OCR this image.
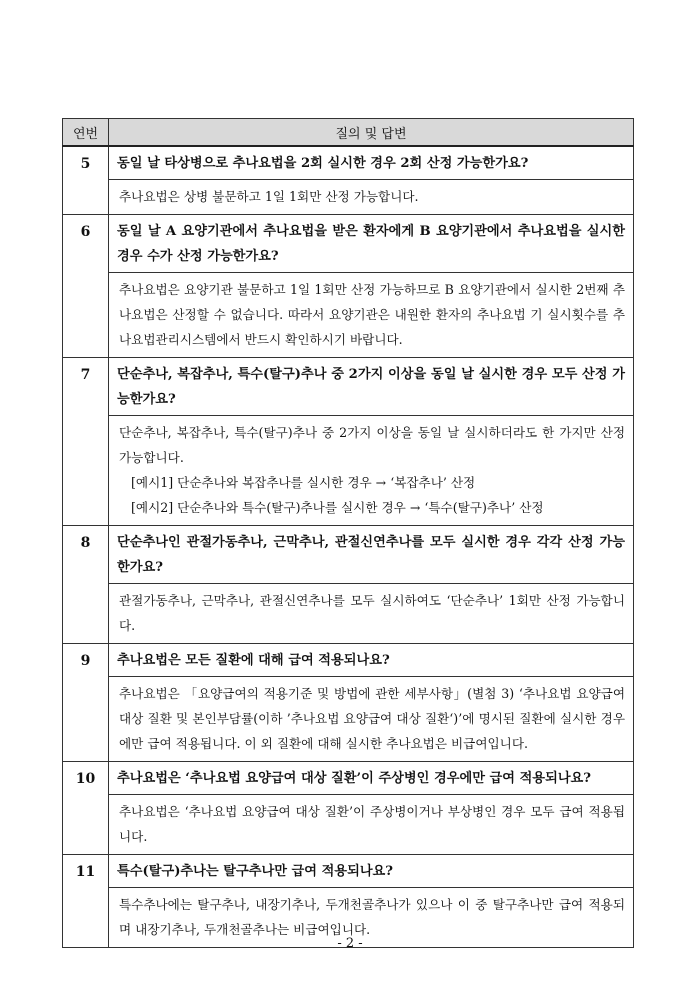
연번	질의 및 답변
5	동일 날 타상병으로 추나요법을 2회 실시한 경우 2회 산정 가능한가요?
추나요법은 상병 불문하고 1일 1회만 산정 가능합니다.

6	동일 날 A 요양기관에서 추나요법을 받은 환자에게 B 요양기관에서 추나요법을 실시한 경우 수가 산정 가능한가요?
추나요법은 요양기관 불문하고 1일 1회만 산정 가능하므로 B 요양기관에서 실시한 2번째 추나요법은 산정할 수 없습니다. 따라서 요양기관은 내원한 환자의 추나요법 기 실시횟수를 추나요법관리시스템에서 반드시 확인하시기 바랍니다.

7	단순추나, 복잡추나, 특수(탈구)추나 중 2가지 이상을 동일 날 실시한 경우 모두 산정 가능한가요?
단순추나, 복잡추나, 특수(탈구)추나 중 2가지 이상을 동일 날 실시하더라도 한 가지만 산정 가능합니다.
[예시1] 단순추나와 복잡추나를 실시한 경우 → ‘복잡추나’ 산정
[예시2] 단순추나와 특수(탈구)추나를 실시한 경우 → ‘특수(탈구)추나’ 산정

8	단순추나인 관절가동추나, 근막추나, 관절신연추나를 모두 실시한 경우 각각 산정 가능한가요?
관절가동추나, 근막추나, 관절신연추나를 모두 실시하여도 ‘단순추나’ 1회만 산정 가능합니다.

9	추나요법은 모든 질환에 대해 급여 적용되나요?
추나요법은 「요양급여의 적용기준 및 방법에 관한 세부사항」(별첨 3) ‘추나요법 요양급여 대상 질환 및 본인부담률(이하 ’추나요법 요양급여 대상 질환‘)’에 명시된 질환에 실시한 경우에만 급여 적용됩니다. 이 외 질환에 대해 실시한 추나요법은 비급여입니다.

10	추나요법은 ‘추나요법 요양급여 대상 질환’이 주상병인 경우에만 급여 적용되나요?
추나요법은 ‘추나요법 요양급여 대상 질환’이 주상병이거나 부상병인 경우 모두 급여 적용됩니다.

11	특수(탈구)추나는 탈구추나만 급여 적용되나요?
특수추나에는 탈구추나, 내장기추나, 두개천골추나가 있으나 이 중 탈구추나만 급여 적용되며 내장기추나, 두개천골추나는 비급여입니다.
- 2 -
